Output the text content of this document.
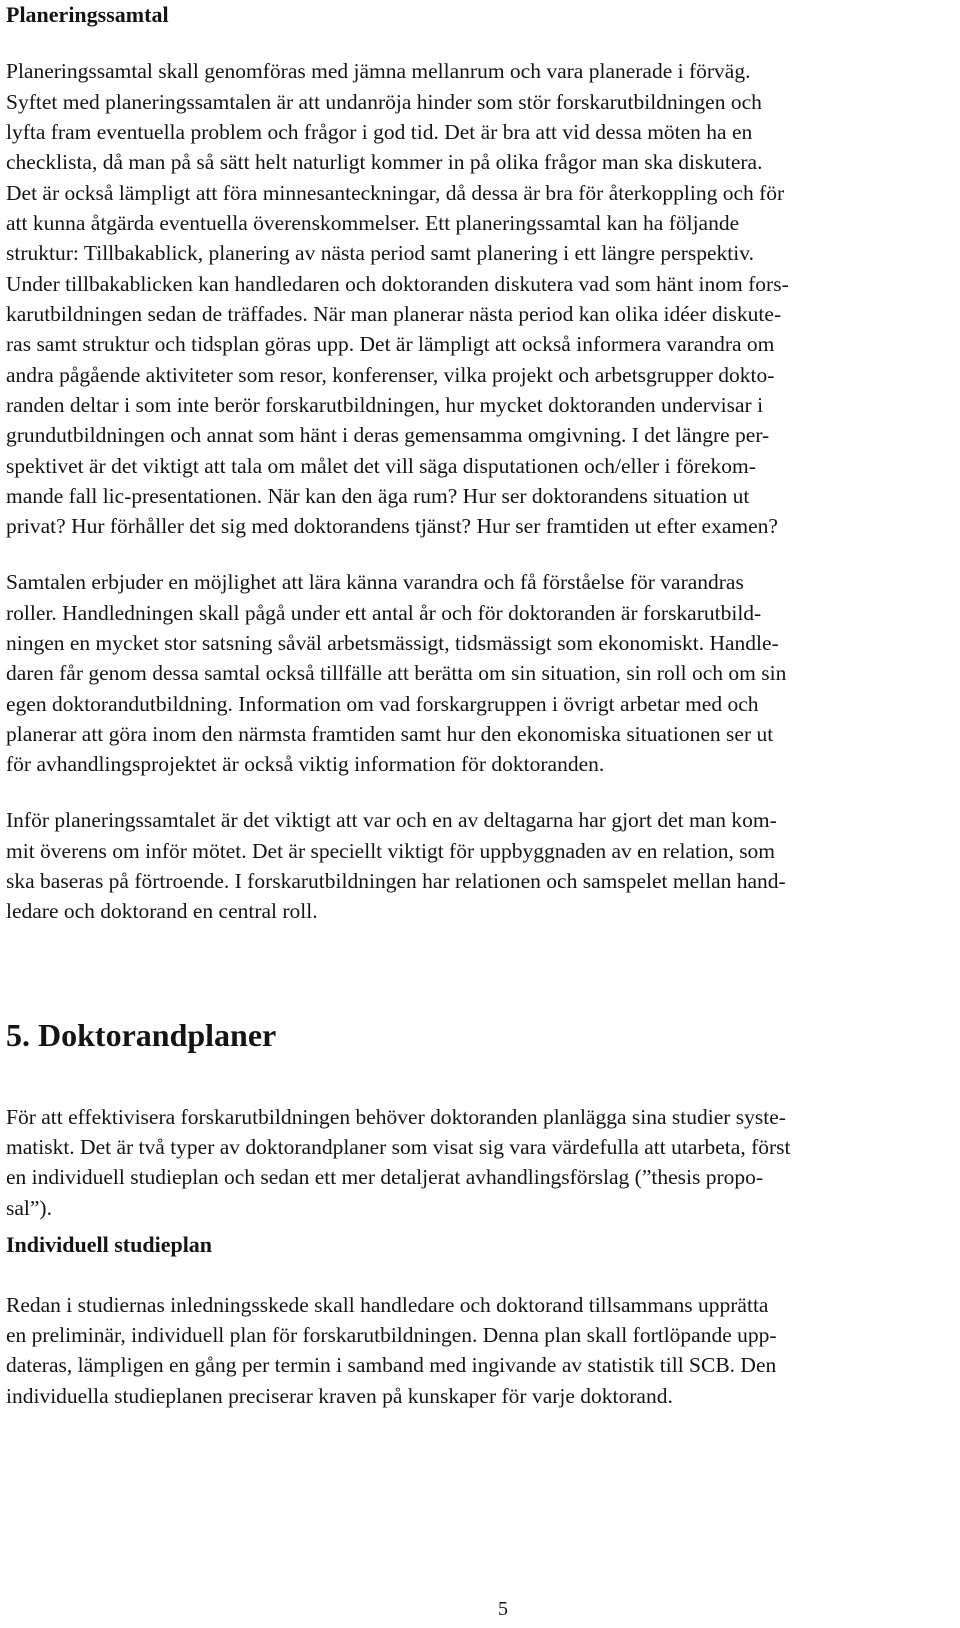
Planeringssamtal
Planeringssamtal skall genomföras med jämna mellanrum och vara planerade i förväg.
Syftet med planeringssamtalen är att undanröja hinder som stör forskarutbildningen och
lyfta fram eventuella problem och frågor i god tid. Det är bra att vid dessa möten ha en
checklista, då man på så sätt helt naturligt kommer in på olika frågor man ska diskutera.
Det är också lämpligt att föra minnesanteckningar, då dessa är bra för återkoppling och för
att kunna åtgärda eventuella överenskommelser. Ett planeringssamtal kan ha följande
struktur: Tillbakablick, planering av nästa period samt planering i ett längre perspektiv.
Under tillbakablicken kan handledaren och doktoranden diskutera vad som hänt inom fors-
karutbildningen sedan de träffades. När man planerar nästa period kan olika idéer diskute-
ras samt struktur och tidsplan göras upp. Det är lämpligt att också informera varandra om
andra pågående aktiviteter som resor, konferenser, vilka projekt och arbetsgrupper dokto-
randen deltar i som inte berör forskarutbildningen, hur mycket doktoranden undervisar i
grundutbildningen och annat som hänt i deras gemensamma omgivning. I det längre per-
spektivet är det viktigt att tala om målet det vill säga disputationen och/eller i förekom-
mande fall lic-presentationen. När kan den äga rum? Hur ser doktorandens situation ut
privat? Hur förhåller det sig med doktorandens tjänst? Hur ser framtiden ut efter examen?
Samtalen erbjuder en möjlighet att lära känna varandra och få förståelse för varandras
roller. Handledningen skall pågå under ett antal år och för doktoranden är forskarutbild-
ningen en mycket stor satsning såväl arbetsmässigt, tidsmässigt som ekonomiskt. Handle-
daren får genom dessa samtal också tillfälle att berätta om sin situation, sin roll och om sin
egen doktorandutbildning. Information om vad forskargruppen i övrigt arbetar med och
planerar att göra inom den närmsta framtiden samt hur den ekonomiska situationen ser ut
för avhandlingsprojektet är också viktig information för doktoranden.
Inför planeringssamtalet är det viktigt att var och en av deltagarna har gjort det man kom-
mit överens om inför mötet. Det är speciellt viktigt för uppbyggnaden av en relation, som
ska baseras på förtroende. I forskarutbildningen har relationen och samspelet mellan hand-
ledare och doktorand en central roll.
5. Doktorandplaner
För att effektivisera forskarutbildningen behöver doktoranden planlägga sina studier syste-
matiskt. Det är två typer av doktorandplaner som visat sig vara värdefulla att utarbeta, först
en individuell studieplan och sedan ett mer detaljerat avhandlingsförslag (”thesis propo-
sal”).
Individuell studieplan
Redan i studiernas inledningsskede skall handledare och doktorand tillsammans upprätta
en preliminär, individuell plan för forskarutbildningen. Denna plan skall fortlöpande upp-
dateras, lämpligen en gång per termin i samband med ingivande av statistik till SCB. Den
individuella studieplanen preciserar kraven på kunskaper för varje doktorand.
5
